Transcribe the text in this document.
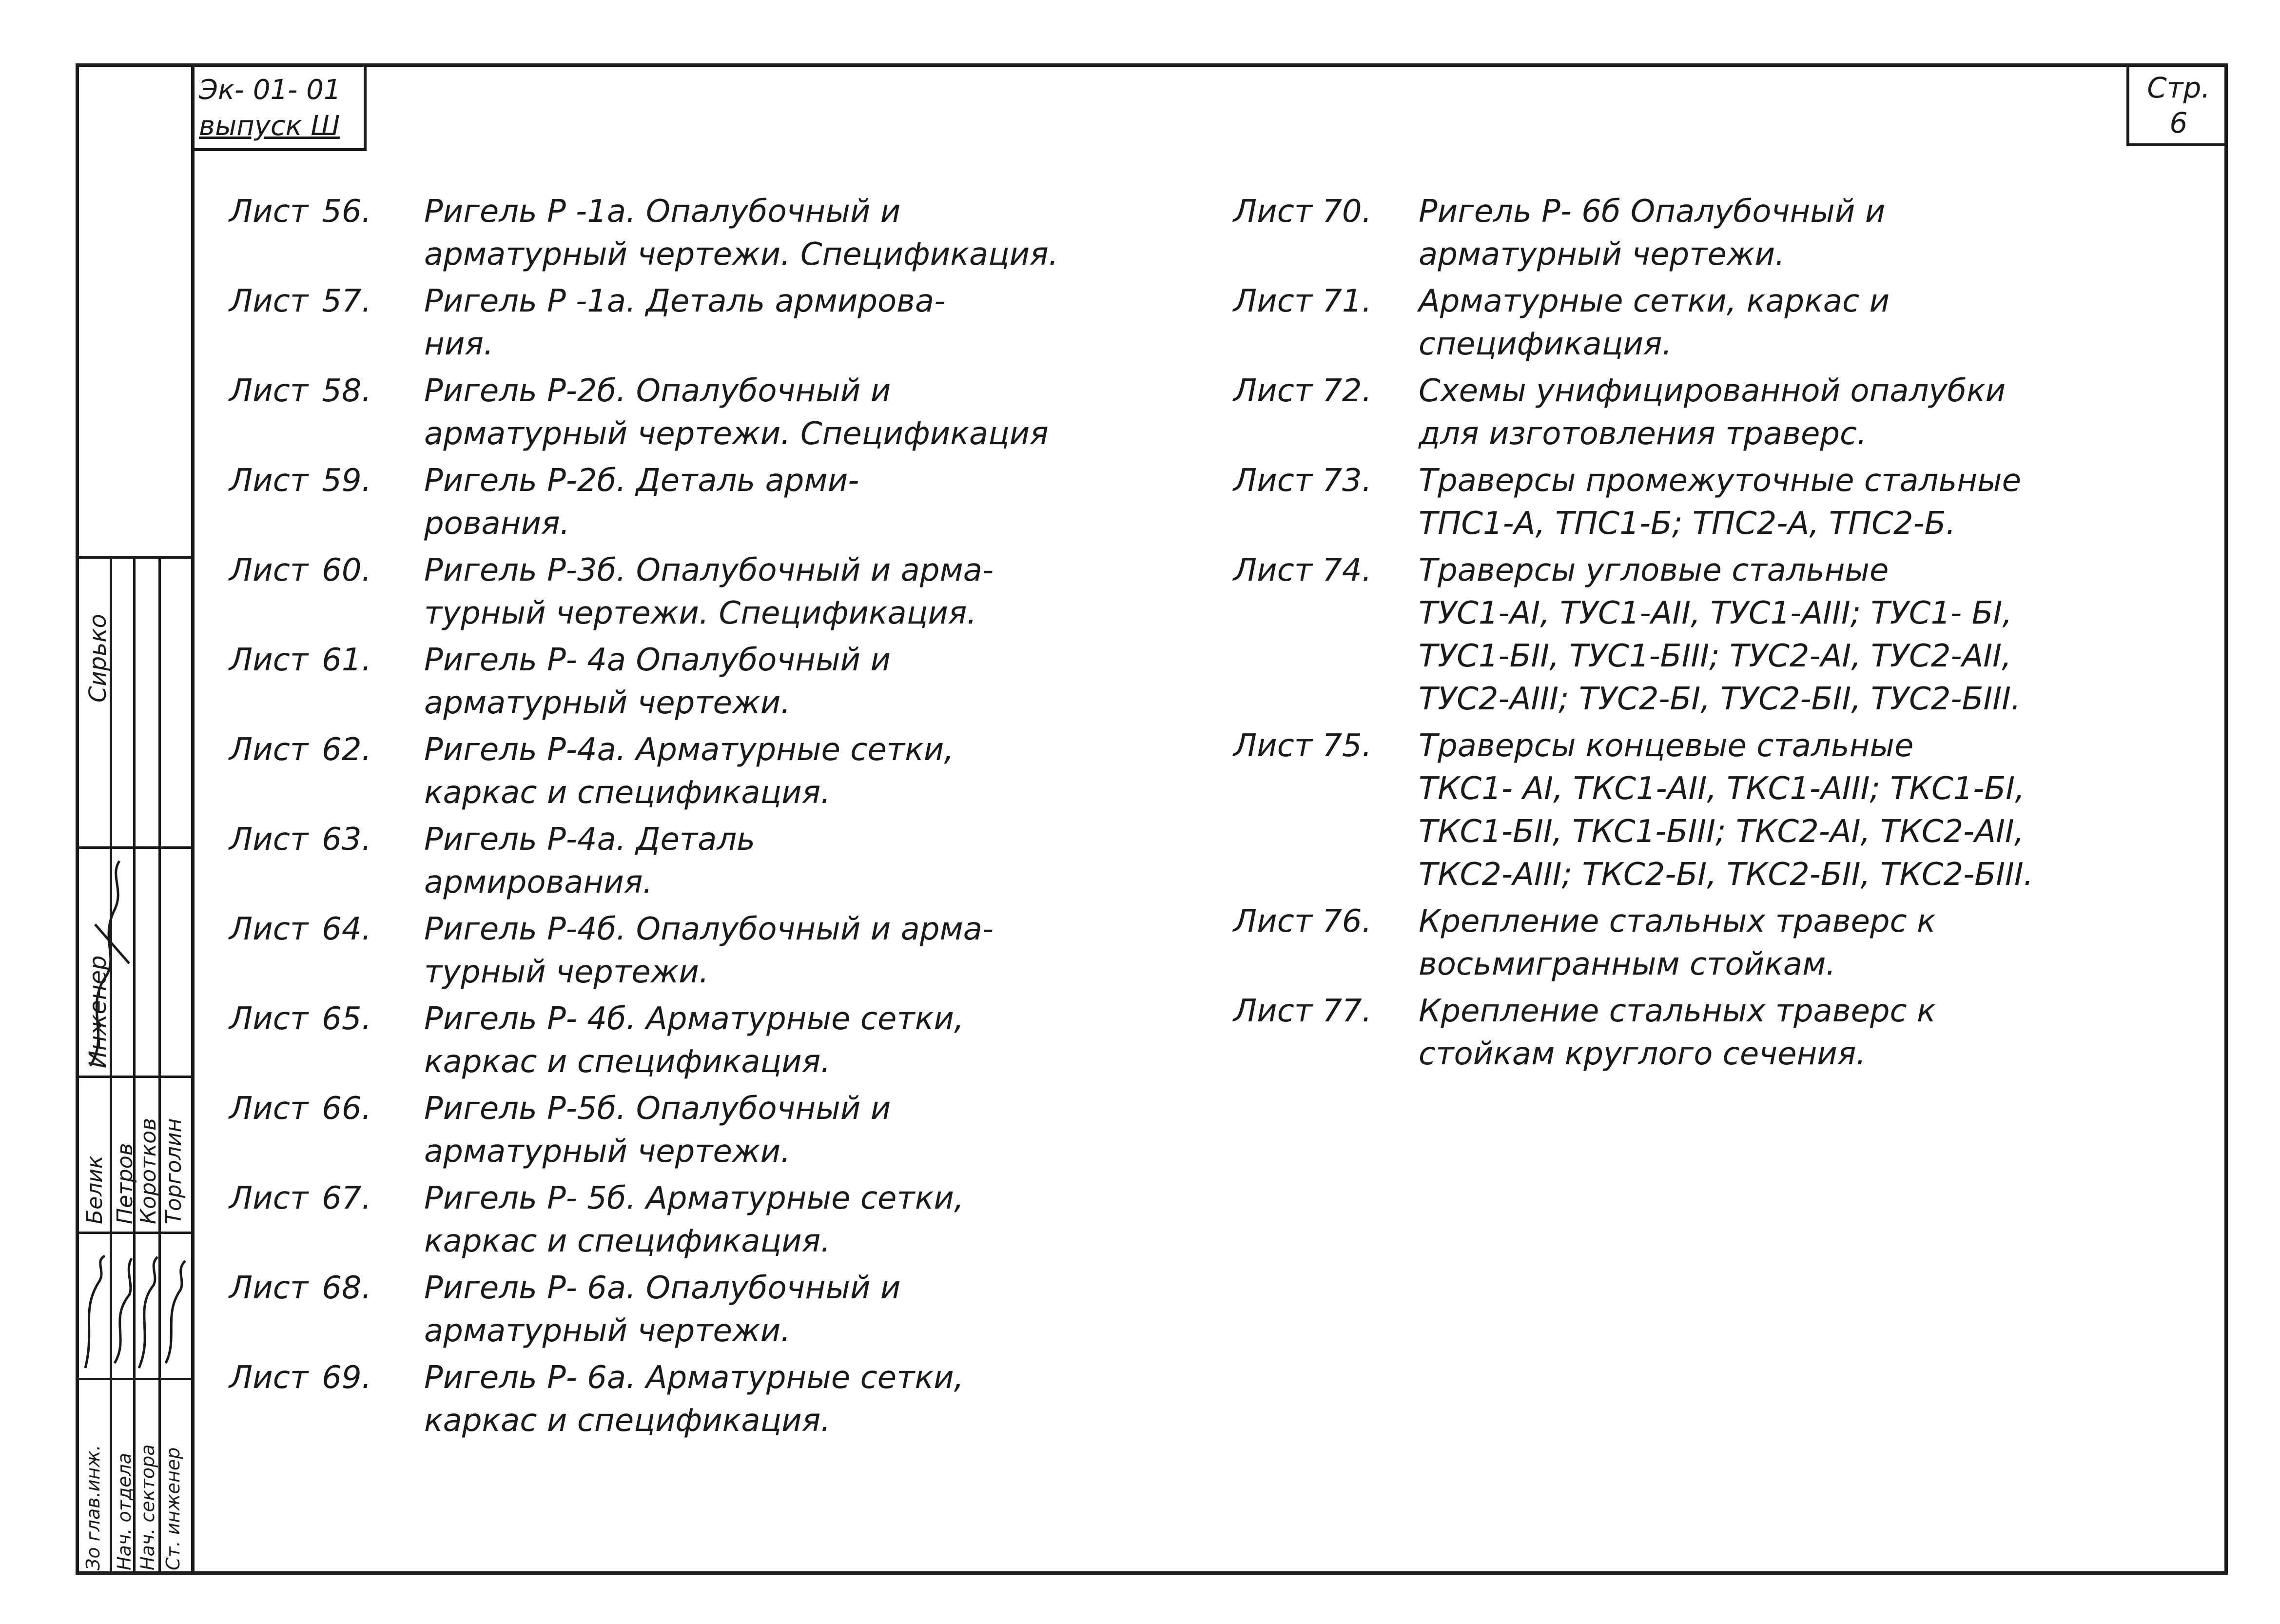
Эк- 01- 01
выпуск Ш
Стр.
6
Инженер
Сирько
Зо глав.инж. Нач. отдела Нач. сектора Ст. инженер
Белик Петров
Коротков Торголин
Лист 56. Ригель Р -1а. Опалубочный и
арматурный чертежи. Спецификация.
Лист 57. Ригель Р -1а. Деталь армирова-
ния.
Лист 58. Ригель Р-2б. Опалубочный и
арматурный чертежи. Спецификация
Лист 59. Ригель Р-2б. Деталь арми-
рования.
Лист 60. Ригель Р-3б. Опалубочный и арма-
турный чертежи. Спецификация.
Лист 61. Ригель Р- 4а Опалубочный и
арматурный чертежи.
Лист 62. Ригель Р-4а. Арматурные сетки,
каркас и спецификация.
Лист 63. Ригель Р-4а. Деталь
армирования.
Лист 64. Ригель Р-4б. Опалубочный и арма-
турный чертежи.
Лист 65. Ригель Р- 4б. Арматурные сетки,
каркас и спецификация.
Лист 66. Ригель Р-5б. Опалубочный и
арматурный чертежи.
Лист 67. Ригель Р- 5б. Арматурные сетки,
каркас и спецификация.
Лист 68. Ригель Р- 6а. Опалубочный и
арматурный чертежи.
Лист 69. Ригель Р- 6а. Арматурные сетки,
каркас и спецификация.
Лист 70. Ригель Р- 6б Опалубочный и
арматурный чертежи.
Лист 71. Арматурные сетки, каркас и
спецификация.
Лист 72. Схемы унифицированной опалубки
для изготовления траверс.
Лист 73. Траверсы промежуточные стальные
ТПС1-А, ТПС1-Б; ТПС2-А, ТПС2-Б.
Лист 74. Траверсы угловые стальные
ТУС1-АI, ТУС1-АII, ТУС1-АIII; ТУС1- БI,
ТУС1-БII, ТУС1-БIII; ТУС2-АI, ТУС2-АII,
ТУС2-АIII; ТУС2-БI, ТУС2-БII, ТУС2-БIII.
Лист 75. Траверсы концевые стальные
ТКС1- АI, ТКС1-АII, ТКС1-АIII; ТКС1-БI,
ТКС1-БII, ТКС1-БIII; ТКС2-АI, ТКС2-АII,
ТКС2-АIII; ТКС2-БI, ТКС2-БII, ТКС2-БIII.
Лист 76. Крепление стальных траверс к
восьмигранным стойкам.
Лист 77. Крепление стальных траверс к
стойкам круглого сечения.
